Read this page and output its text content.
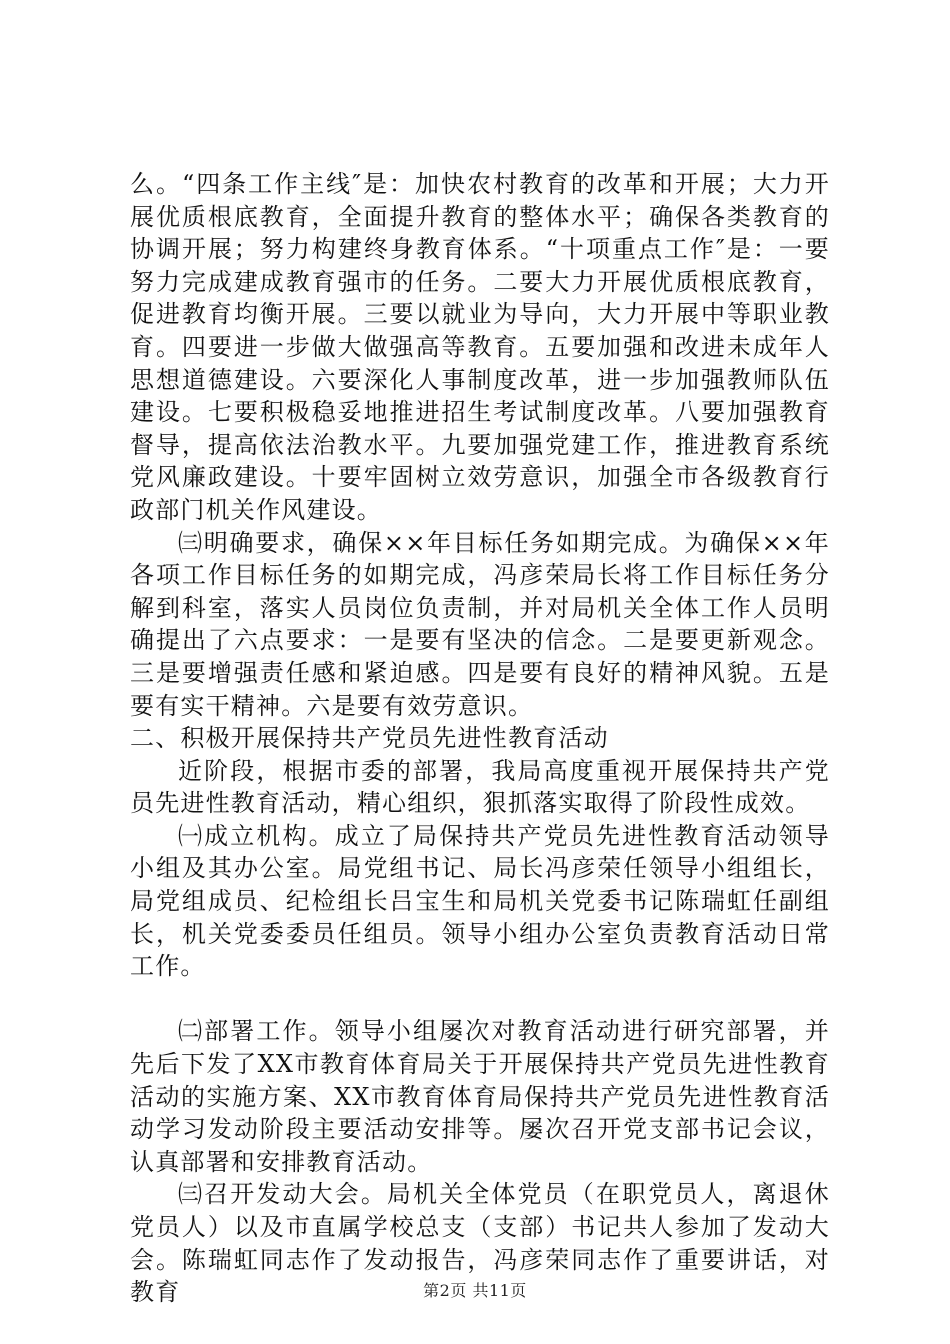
么。“四条工作主线″是：加快农村教育的改革和开展；大力开展优质根底教育，全面提升教育的整体水平；确保各类教育的协调开展；努力构建终身教育体系。“十项重点工作″是：一要努力完成建成教育强市的任务。二要大力开展优质根底教育，促进教育均衡开展。三要以就业为导向，大力开展中等职业教育。四要进一步做大做强高等教育。五要加强和改进未成年人思想道德建设。六要深化人事制度改革，进一步加强教师队伍建设。七要积极稳妥地推进招生考试制度改革。八要加强教育督导，提高依法治教水平。九要加强党建工作，推进教育系统党风廉政建设。十要牢固树立效劳意识，加强全市各级教育行政部门机关作风建设。

㈢明确要求，确保××年目标任务如期完成。为确保××年各项工作目标任务的如期完成，冯彦荣局长将工作目标任务分解到科室，落实人员岗位负责制，并对局机关全体工作人员明确提出了六点要求：一是要有坚决的信念。二是要更新观念。三是要增强责任感和紧迫感。四是要有良好的精神风貌。五是要有实干精神。六是要有效劳意识。

二、积极开展保持共产党员先进性教育活动

近阶段，根据市委的部署，我局高度重视开展保持共产党员先进性教育活动，精心组织，狠抓落实取得了阶段性成效。

㈠成立机构。成立了局保持共产党员先进性教育活动领导小组及其办公室。局党组书记、局长冯彦荣任领导小组组长，局党组成员、纪检组长吕宝生和局机关党委书记陈瑞虹任副组长，机关党委委员任组员。领导小组办公室负责教育活动日常工作。

㈡部署工作。领导小组屡次对教育活动进行研究部署，并先后下发了XX市教育体育局关于开展保持共产党员先进性教育活动的实施方案、XX市教育体育局保持共产党员先进性教育活动学习发动阶段主要活动安排等。屡次召开党支部书记会议，认真部署和安排教育活动。

㈢召开发动大会。局机关全体党员（在职党员人，离退休党员人）以及市直属学校总支（支部）书记共人参加了发动大会。陈瑞虹同志作了发动报告，冯彦荣同志作了重要讲话，对教育	第2页 共11页
